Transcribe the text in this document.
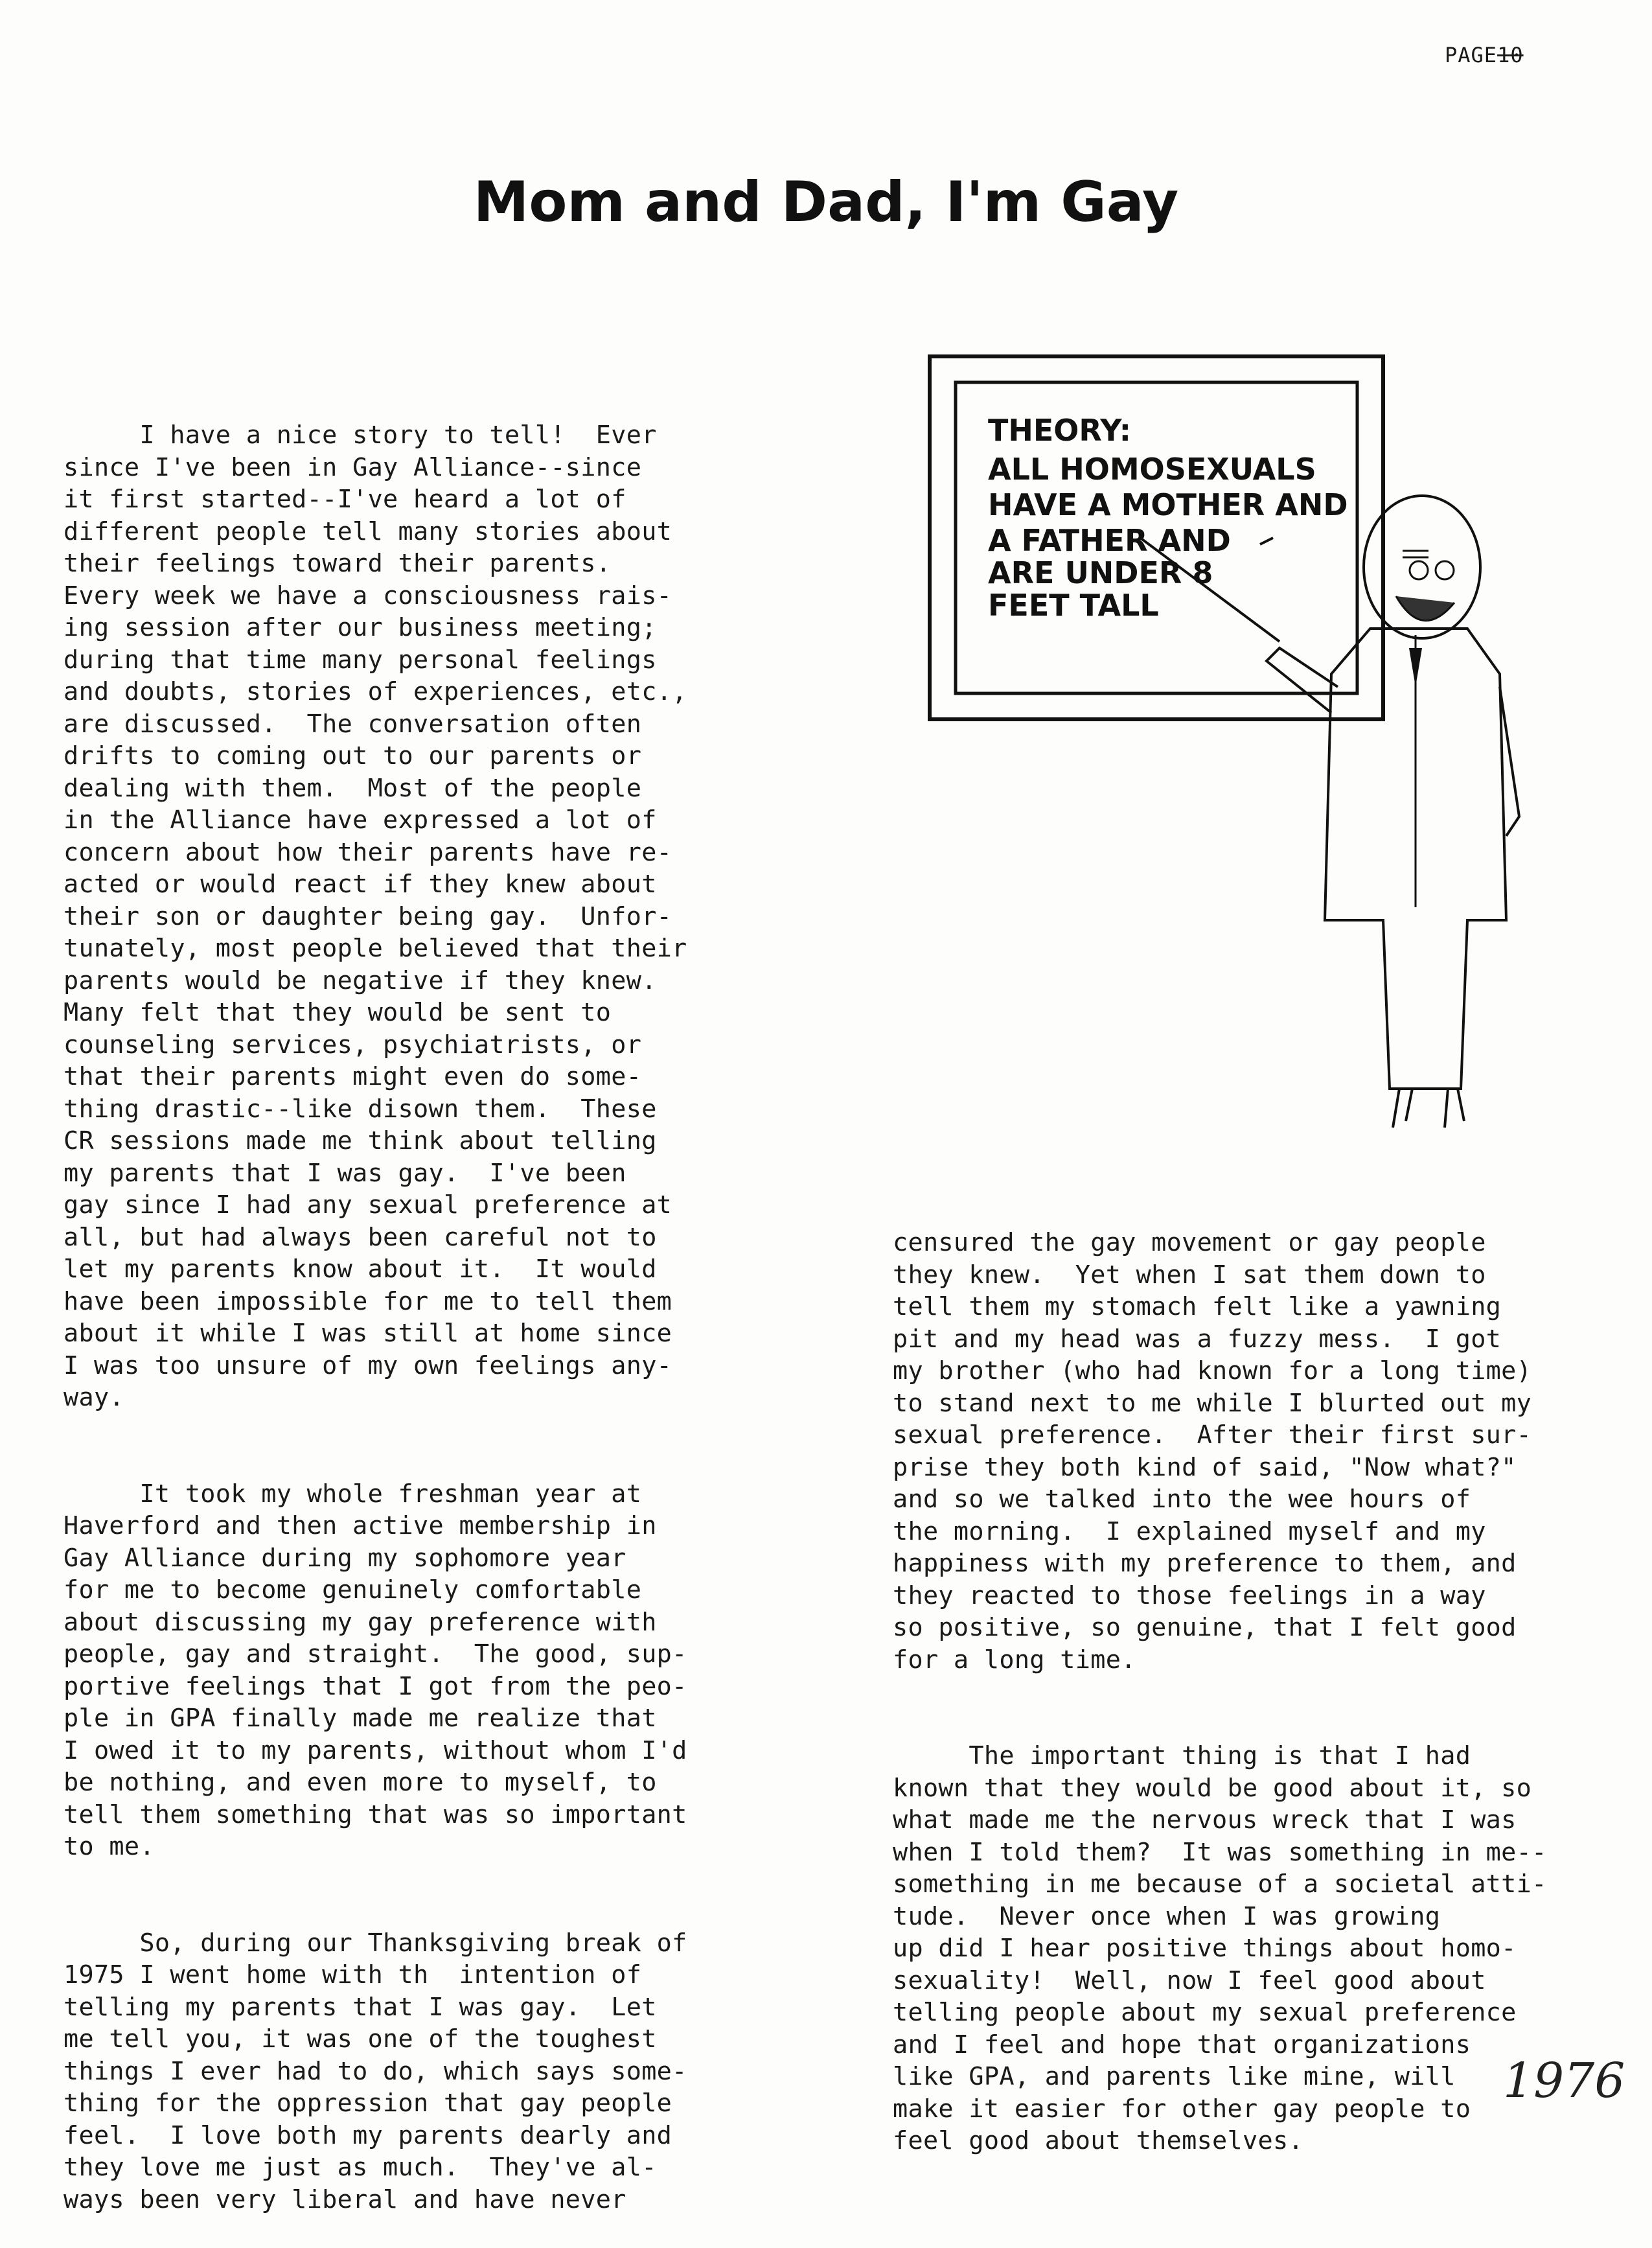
PAGE10
Mom and Dad, I'm Gay

I have a nice story to tell!  Ever
since I've been in Gay Alliance--since
it first started--I've heard a lot of
different people tell many stories about
their feelings toward their parents.
Every week we have a consciousness rais-
ing session after our business meeting;
during that time many personal feelings
and doubts, stories of experiences, etc.,
are discussed.  The conversation often
drifts to coming out to our parents or
dealing with them.  Most of the people
in the Alliance have expressed a lot of
concern about how their parents have re-
acted or would react if they knew about
their son or daughter being gay.  Unfor-
tunately, most people believed that their
parents would be negative if they knew.
Many felt that they would be sent to
counseling services, psychiatrists, or
that their parents might even do some-
thing drastic--like disown them.  These
CR sessions made me think about telling
my parents that I was gay.  I've been
gay since I had any sexual preference at
all, but had always been careful not to
let my parents know about it.  It would
have been impossible for me to tell them
about it while I was still at home since
I was too unsure of my own feelings any-
way.

It took my whole freshman year at
Haverford and then active membership in
Gay Alliance during my sophomore year
for me to become genuinely comfortable
about discussing my gay preference with
people, gay and straight.  The good, sup-
portive feelings that I got from the peo-
ple in GPA finally made me realize that
I owed it to my parents, without whom I'd
be nothing, and even more to myself, to
tell them something that was so important
to me.

So, during our Thanksgiving break of
1975 I went home with th  intention of
telling my parents that I was gay.  Let
me tell you, it was one of the toughest
things I ever had to do, which says some-
thing for the oppression that gay people
feel.  I love both my parents dearly and
they love me just as much.  They've al-
ways been very liberal and have never

THEORY: ALL HOMOSEXUALS HAVE A MOTHER AND A FATHER AND ARE UNDER 8 FEET TALL

censured the gay movement or gay people
they knew.  Yet when I sat them down to
tell them my stomach felt like a yawning
pit and my head was a fuzzy mess.  I got
my brother (who had known for a long time)
to stand next to me while I blurted out my
sexual preference.  After their first sur-
prise they both kind of said, "Now what?"
and so we talked into the wee hours of
the morning.  I explained myself and my
happiness with my preference to them, and
they reacted to those feelings in a way
so positive, so genuine, that I felt good
for a long time.

The important thing is that I had
known that they would be good about it, so
what made me the nervous wreck that I was
when I told them?  It was something in me--
something in me because of a societal atti-
tude.  Never once when I was growing
up did I hear positive things about homo-
sexuality!  Well, now I feel good about
telling people about my sexual preference
and I feel and hope that organizations
like GPA, and parents like mine, will
make it easier for other gay people to
feel good about themselves.

1976
